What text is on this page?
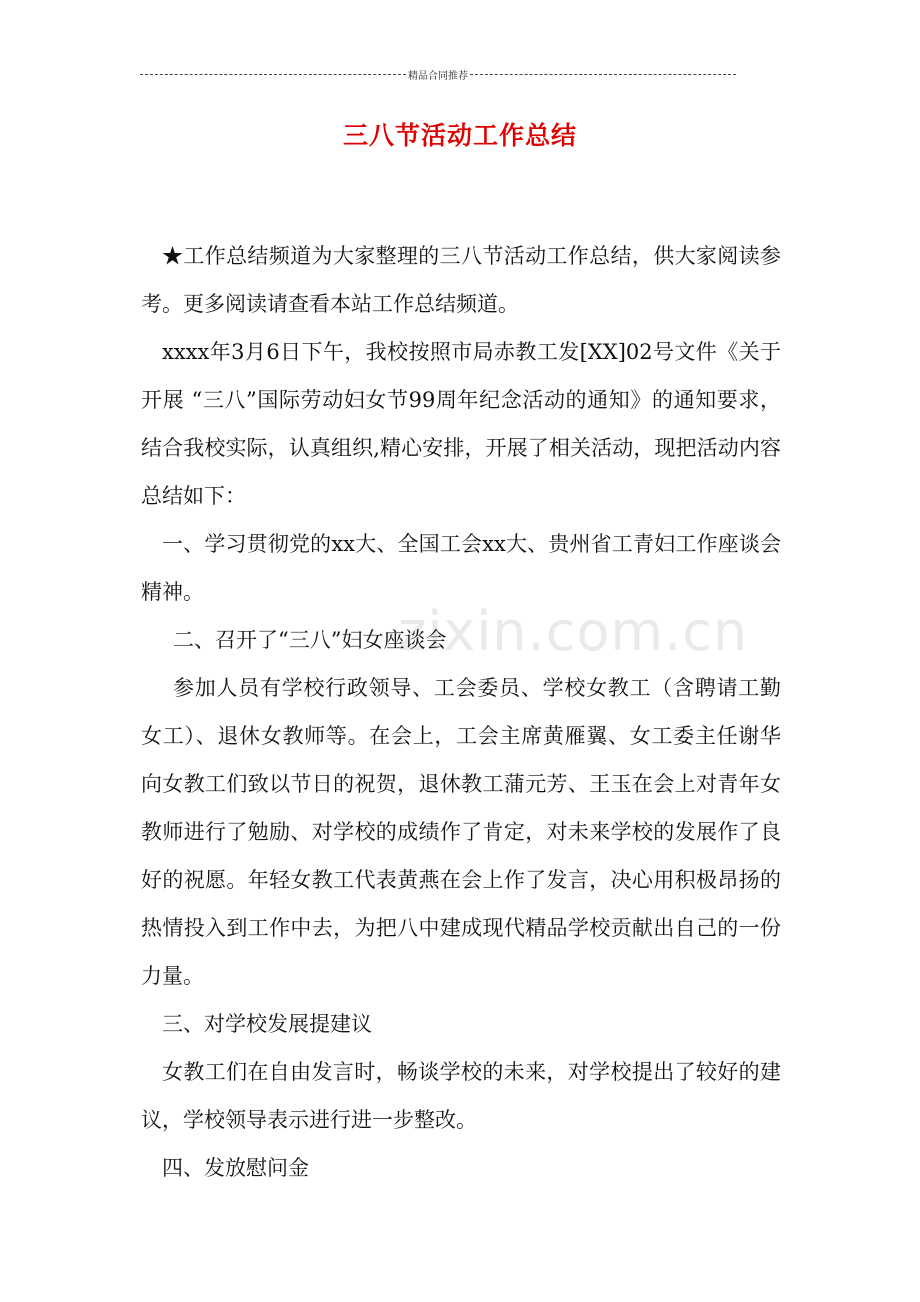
精品合同推荐
三八节活动工作总结
zixin.com.cn

★工作总结频道为大家整理的三八节活动工作总结，供大家阅读参考。更多阅读请查看本站工作总结频道。

xxxx年3月6日下午，我校按照市局赤教工发[XX]02号文件《关于开展 “三八”国际劳动妇女节99周年纪念活动的通知》的通知要求，结合我校实际，认真组织,精心安排，开展了相关活动，现把活动内容总结如下：

一、学习贯彻党的xx大、全国工会xx大、贵州省工青妇工作座谈会精神。

二、召开了“三八”妇女座谈会

参加人员有学校行政领导、工会委员、学校女教工（含聘请工勤女工）、退休女教师等。在会上，工会主席黄雁翼、女工委主任谢华向女教工们致以节日的祝贺，退休教工蒲元芳、王玉在会上对青年女教师进行了勉励、对学校的成绩作了肯定，对未来学校的发展作了良好的祝愿。年轻女教工代表黄燕在会上作了发言，决心用积极昂扬的热情投入到工作中去，为把八中建成现代精品学校贡献出自己的一份力量。

三、对学校发展提建议

女教工们在自由发言时，畅谈学校的未来，对学校提出了较好的建议，学校领导表示进行进一步整改。

四、发放慰问金
